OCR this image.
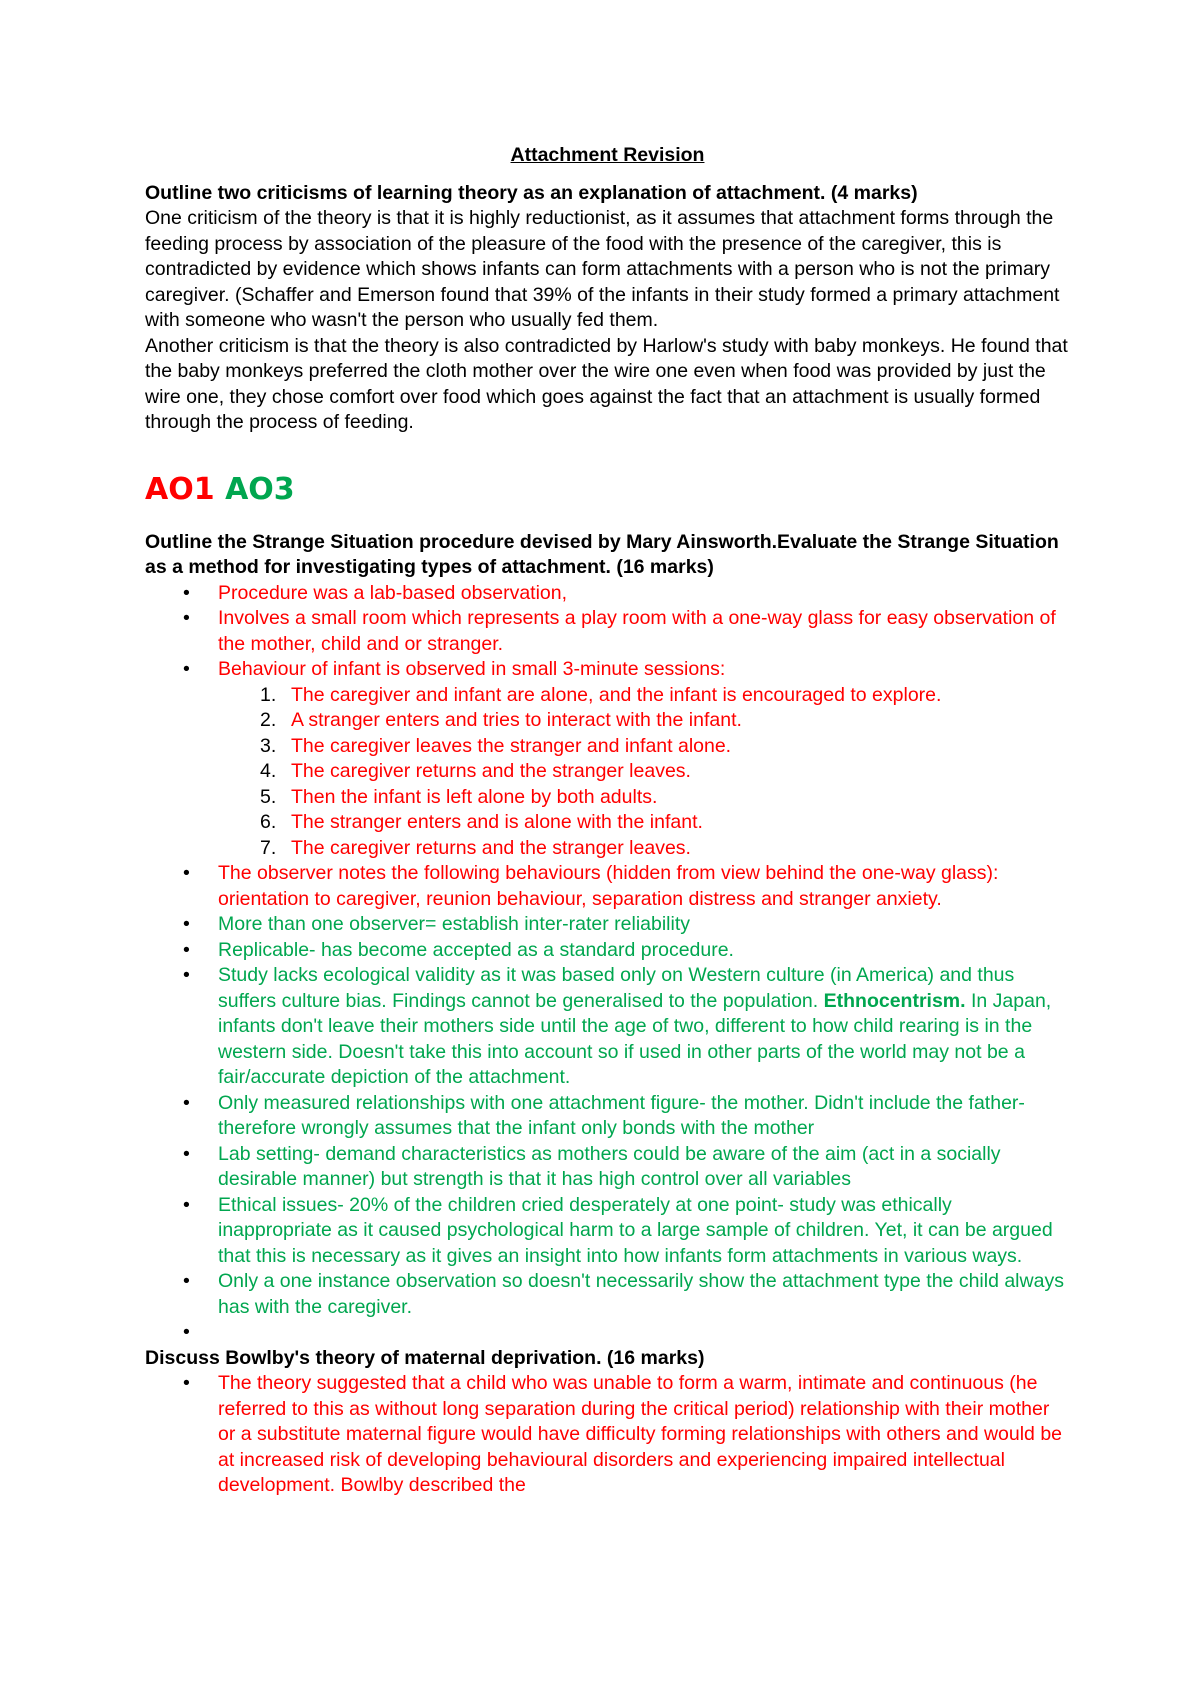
Attachment Revision

Outline two criticisms of learning theory as an explanation of attachment. (4 marks)

One criticism of the theory is that it is highly reductionist, as it assumes that attachment forms through the feeding process by association of the pleasure of the food with the presence of the caregiver, this is contradicted by evidence which shows infants can form attachments with a person who is not the primary caregiver. (Schaffer and Emerson found that 39% of the infants in their study formed a primary attachment with someone who wasn't the person who usually fed them.

Another criticism is that the theory is also contradicted by Harlow's study with baby monkeys. He found that the baby monkeys preferred the cloth mother over the wire one even when food was provided by just the wire one, they chose comfort over food which goes against the fact that an attachment is usually formed through the process of feeding.

AO1 AO3

Outline the Strange Situation procedure devised by Mary Ainsworth.Evaluate the Strange Situation as a method for investigating types of attachment. (16 marks)

• Procedure was a lab-based observation,
• Involves a small room which represents a play room with a one-way glass for easy observation of the mother, child and or stranger.
• Behaviour of infant is observed in small 3-minute sessions:
1. The caregiver and infant are alone, and the infant is encouraged to explore.
2. A stranger enters and tries to interact with the infant.
3. The caregiver leaves the stranger and infant alone.
4. The caregiver returns and the stranger leaves.
5. Then the infant is left alone by both adults.
6. The stranger enters and is alone with the infant.
7. The caregiver returns and the stranger leaves.
• The observer notes the following behaviours (hidden from view behind the one-way glass): orientation to caregiver, reunion behaviour, separation distress and stranger anxiety.
• More than one observer= establish inter-rater reliability
• Replicable- has become accepted as a standard procedure.
• Study lacks ecological validity as it was based only on Western culture (in America) and thus suffers culture bias. Findings cannot be generalised to the population. Ethnocentrism. In Japan, infants don't leave their mothers side until the age of two, different to how child rearing is in the western side. Doesn't take this into account so if used in other parts of the world may not be a fair/accurate depiction of the attachment.
• Only measured relationships with one attachment figure- the mother. Didn't include the father- therefore wrongly assumes that the infant only bonds with the mother
• Lab setting- demand characteristics as mothers could be aware of the aim (act in a socially desirable manner) but strength is that it has high control over all variables
• Ethical issues- 20% of the children cried desperately at one point- study was ethically inappropriate as it caused psychological harm to a large sample of children. Yet, it can be argued that this is necessary as it gives an insight into how infants form attachments in various ways.
• Only a one instance observation so doesn't necessarily show the attachment type the child always has with the caregiver.
•

Discuss Bowlby's theory of maternal deprivation. (16 marks)

• The theory suggested that a child who was unable to form a warm, intimate and continuous (he referred to this as without long separation during the critical period) relationship with their mother or a substitute maternal figure would have difficulty forming relationships with others and would be at increased risk of developing behavioural disorders and experiencing impaired intellectual development. Bowlby described the
